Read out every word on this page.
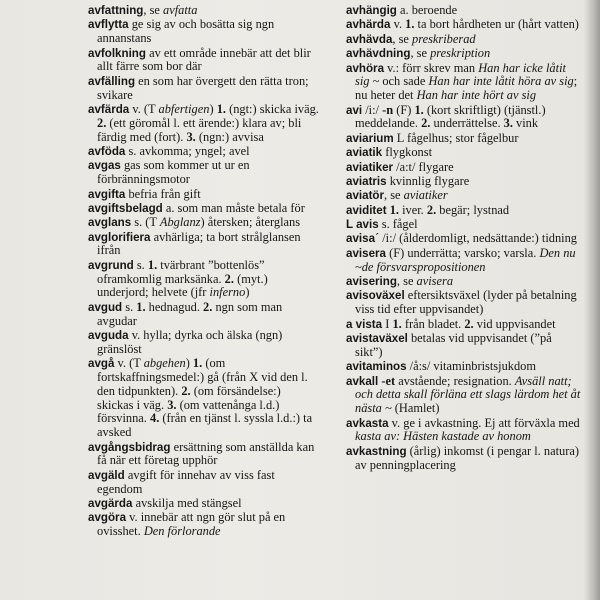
avfattning, se avfatta

avflytta ge sig av och bosätta sig ngn annanstans

avfolkning av ett område innebär att det blir allt färre som bor där

avfälling en som har övergett den rätta tron; svikare

avfärda v. (T abfertigen) 1. (ngt:) skicka iväg. 2. (ett göromål l. ett ärende:) klara av; bli färdig med (fort). 3. (ngn:) avvisa

avföda s. avkomma; yngel; avel

avgas gas som kommer ut ur en förbränningsmotor

avgifta befria från gift

avgiftsbelagd a. som man måste betala för

avglans s. (T Abglanz) återsken; återglans

avglorifiera avhärliga; ta bort strålglansen ifrån

avgrund s. 1. tvärbrant ”bottenlös” oframkomlig marksänka. 2. (myt.) underjord; helvete (jfr inferno)

avgud s. 1. hednagud. 2. ngn som man avgudar

avguda v. hylla; dyrka och älska (ngn) gränslöst

avgå v. (T abgehen) 1. (om fortskaffningsmedel:) gå (från X vid den l. den tidpunkten). 2. (om försändelse:) skickas i väg. 3. (om vattenånga l.d.) försvinna. 4. (från en tjänst l. syssla l.d.:) ta avsked

avgångsbidrag ersättning som anställda kan få när ett företag upphör

avgäld avgift för innehav av viss fast egendom

avgärda avskilja med stängsel

avgöra v. innebär att ngn gör slut på en ovisshet. Den förlorande

avhängig a. beroende

avhärda v. 1. ta bort hårdheten ur (hårt vatten)

avhävda, se preskriberad

avhävdning, se preskription

avhöra v.: förr skrev man Han har icke låtit sig ~ och sade Han har inte låtit höra av sig; nu heter det Han har inte hört av sig

avi /i:/ -n (F) 1. (kort skriftligt) (tjänstl.) meddelande. 2. underrättelse. 3. vink

aviarium L fågelhus; stor fågelbur

aviatik flygkonst

aviatiker /a:t/ flygare

aviatris kvinnlig flygare

aviatör, se aviatiker

aviditet 1. iver. 2. begär; lystnad

L avis s. fågel

avisa´ /i:/ (ålderdomligt, nedsättande:) tidning

avisera (F) underrätta; varsko; varsla. Den nu ~de försvarspropositionen

avisering, se avisera

avisoväxel eftersiktsväxel (lyder på betalning viss tid efter uppvisandet)

a vista I 1. från bladet. 2. vid uppvisandet

avistaväxel betalas vid uppvisandet (”på sikt”)

avitaminos /å:s/ vitaminbristsjukdom

avkall -et avstående; resignation. Avsäll natt; och detta skall förläna ett slags lärdom het åt nästa ~ (Hamlet)

avkasta v. ge i avkastning. Ej att förväxla med kasta av: Hästen kastade av honom

avkastning (årlig) inkomst (i pengar l. natura) av penningplacering
